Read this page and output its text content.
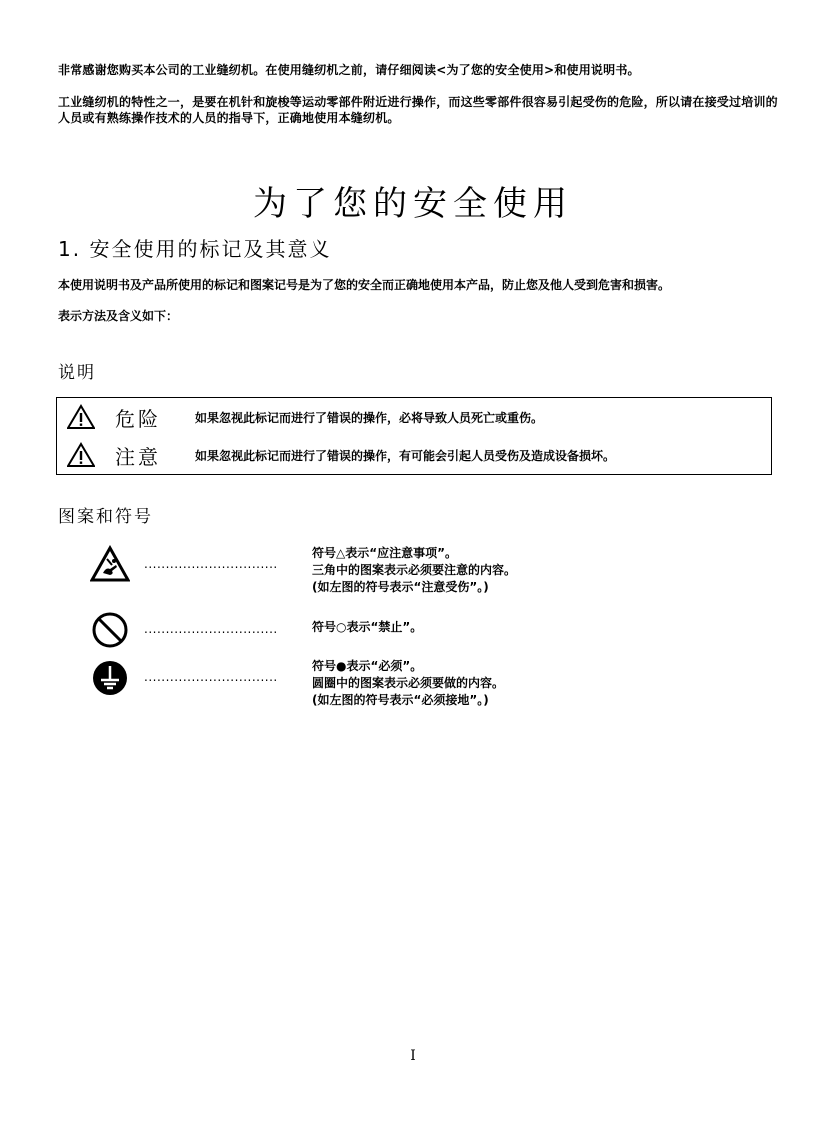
非常感谢您购买本公司的工业缝纫机。在使用缝纫机之前，请仔细阅读<为了您的安全使用>和使用说明书。
工业缝纫机的特性之一，是要在机针和旋梭等运动零部件附近进行操作，而这些零部件很容易引起受伤的危险，所以请在接受过培训的人员或有熟练操作技术的人员的指导下，正确地使用本缝纫机。
为了您的安全使用
1. 安全使用的标记及其意义
本使用说明书及产品所使用的标记和图案记号是为了您的安全而正确地使用本产品，防止您及他人受到危害和损害。
表示方法及含义如下：
说明
危险	如果忽视此标记而进行了错误的操作，必将导致人员死亡或重伤。
注意	如果忽视此标记而进行了错误的操作，有可能会引起人员受伤及造成设备损坏。
图案和符号
...............................
符号△表示“应注意事项”。
三角中的图案表示必须要注意的内容。
(如左图的符号表示“注意受伤”。)
...............................	符号○表示“禁止”。
...............................
符号●表示“必须”。
圆圈中的图案表示必须要做的内容。
(如左图的符号表示“必须接地”。)
I
